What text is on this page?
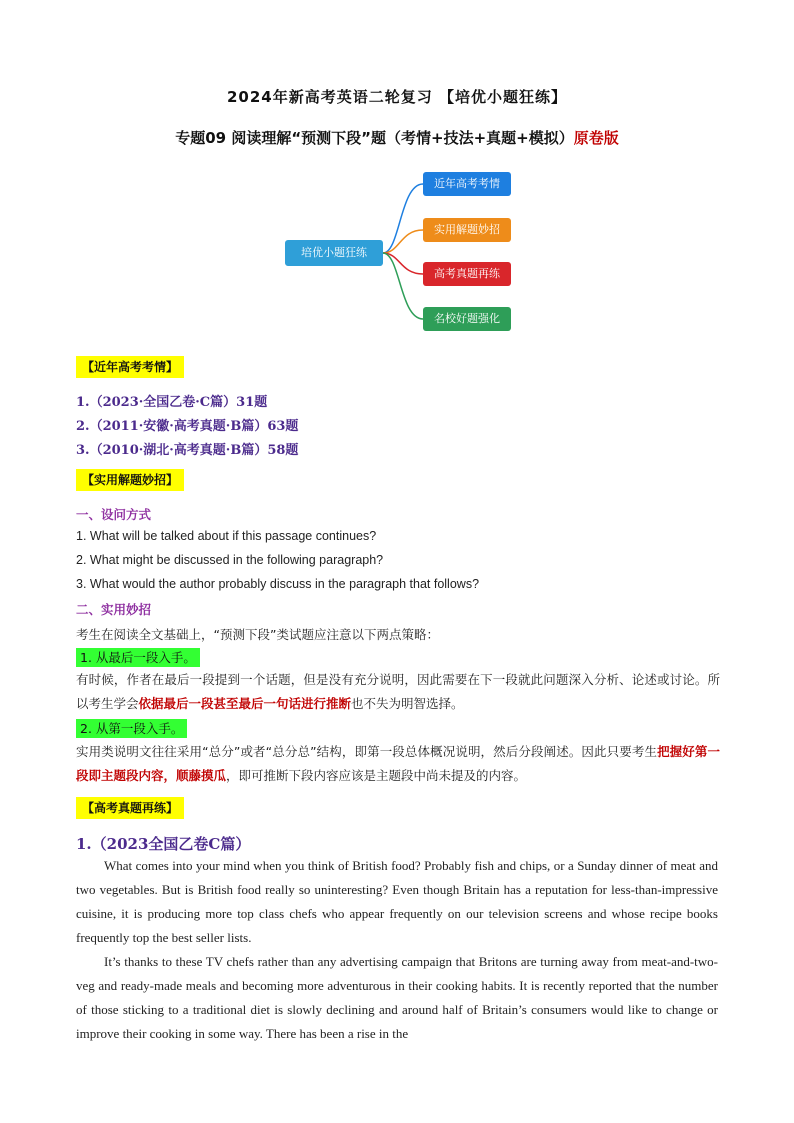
2024年新高考英语二轮复习 【培优小题狂练】
专题09 阅读理解“预测下段”题（考情+技法+真题+模拟）原卷版
培优小题狂练
近年高考考情
实用解题妙招
高考真题再练
名校好题强化
【近年高考考情】
1.（2023·全国乙卷·C篇）31题
2.（2011·安徽·高考真题·B篇）63题
3.（2010·湖北·高考真题·B篇）58题
【实用解题妙招】
一、设问方式
1. What will be talked about if this passage continues?
2. What might be discussed in the following paragraph?
3. What would the author probably discuss in the paragraph that follows?
二、实用妙招
考生在阅读全文基础上，“预测下段”类试题应注意以下两点策略：
1. 从最后一段入手。
有时候，作者在最后一段提到一个话题，但是没有充分说明，因此需要在下一段就此问题深入分析、论述或讨论。所以考生学会依据最后一段甚至最后一句话进行推断也不失为明智选择。
2. 从第一段入手。
实用类说明文往往采用“总分”或者“总分总”结构，即第一段总体概况说明，然后分段阐述。因此只要考生把握好第一段即主题段内容，顺藤摸瓜，即可推断下段内容应该是主题段中尚未提及的内容。
【高考真题再练】
1.（2023全国乙卷C篇）
What comes into your mind when you think of British food? Probably fish and chips, or a Sunday dinner of meat and two vegetables. But is British food really so uninteresting? Even though Britain has a reputation for less-than-impressive cuisine, it is producing more top class chefs who appear frequently on our television screens and whose recipe books frequently top the best seller lists.
It’s thanks to these TV chefs rather than any advertising campaign that Britons are turning away from meat-and-two-veg and ready-made meals and becoming more adventurous in their cooking habits. It is recently reported that the number of those sticking to a traditional diet is slowly declining and around half of Britain’s consumers would like to change or improve their cooking in some way. There has been a rise in the
